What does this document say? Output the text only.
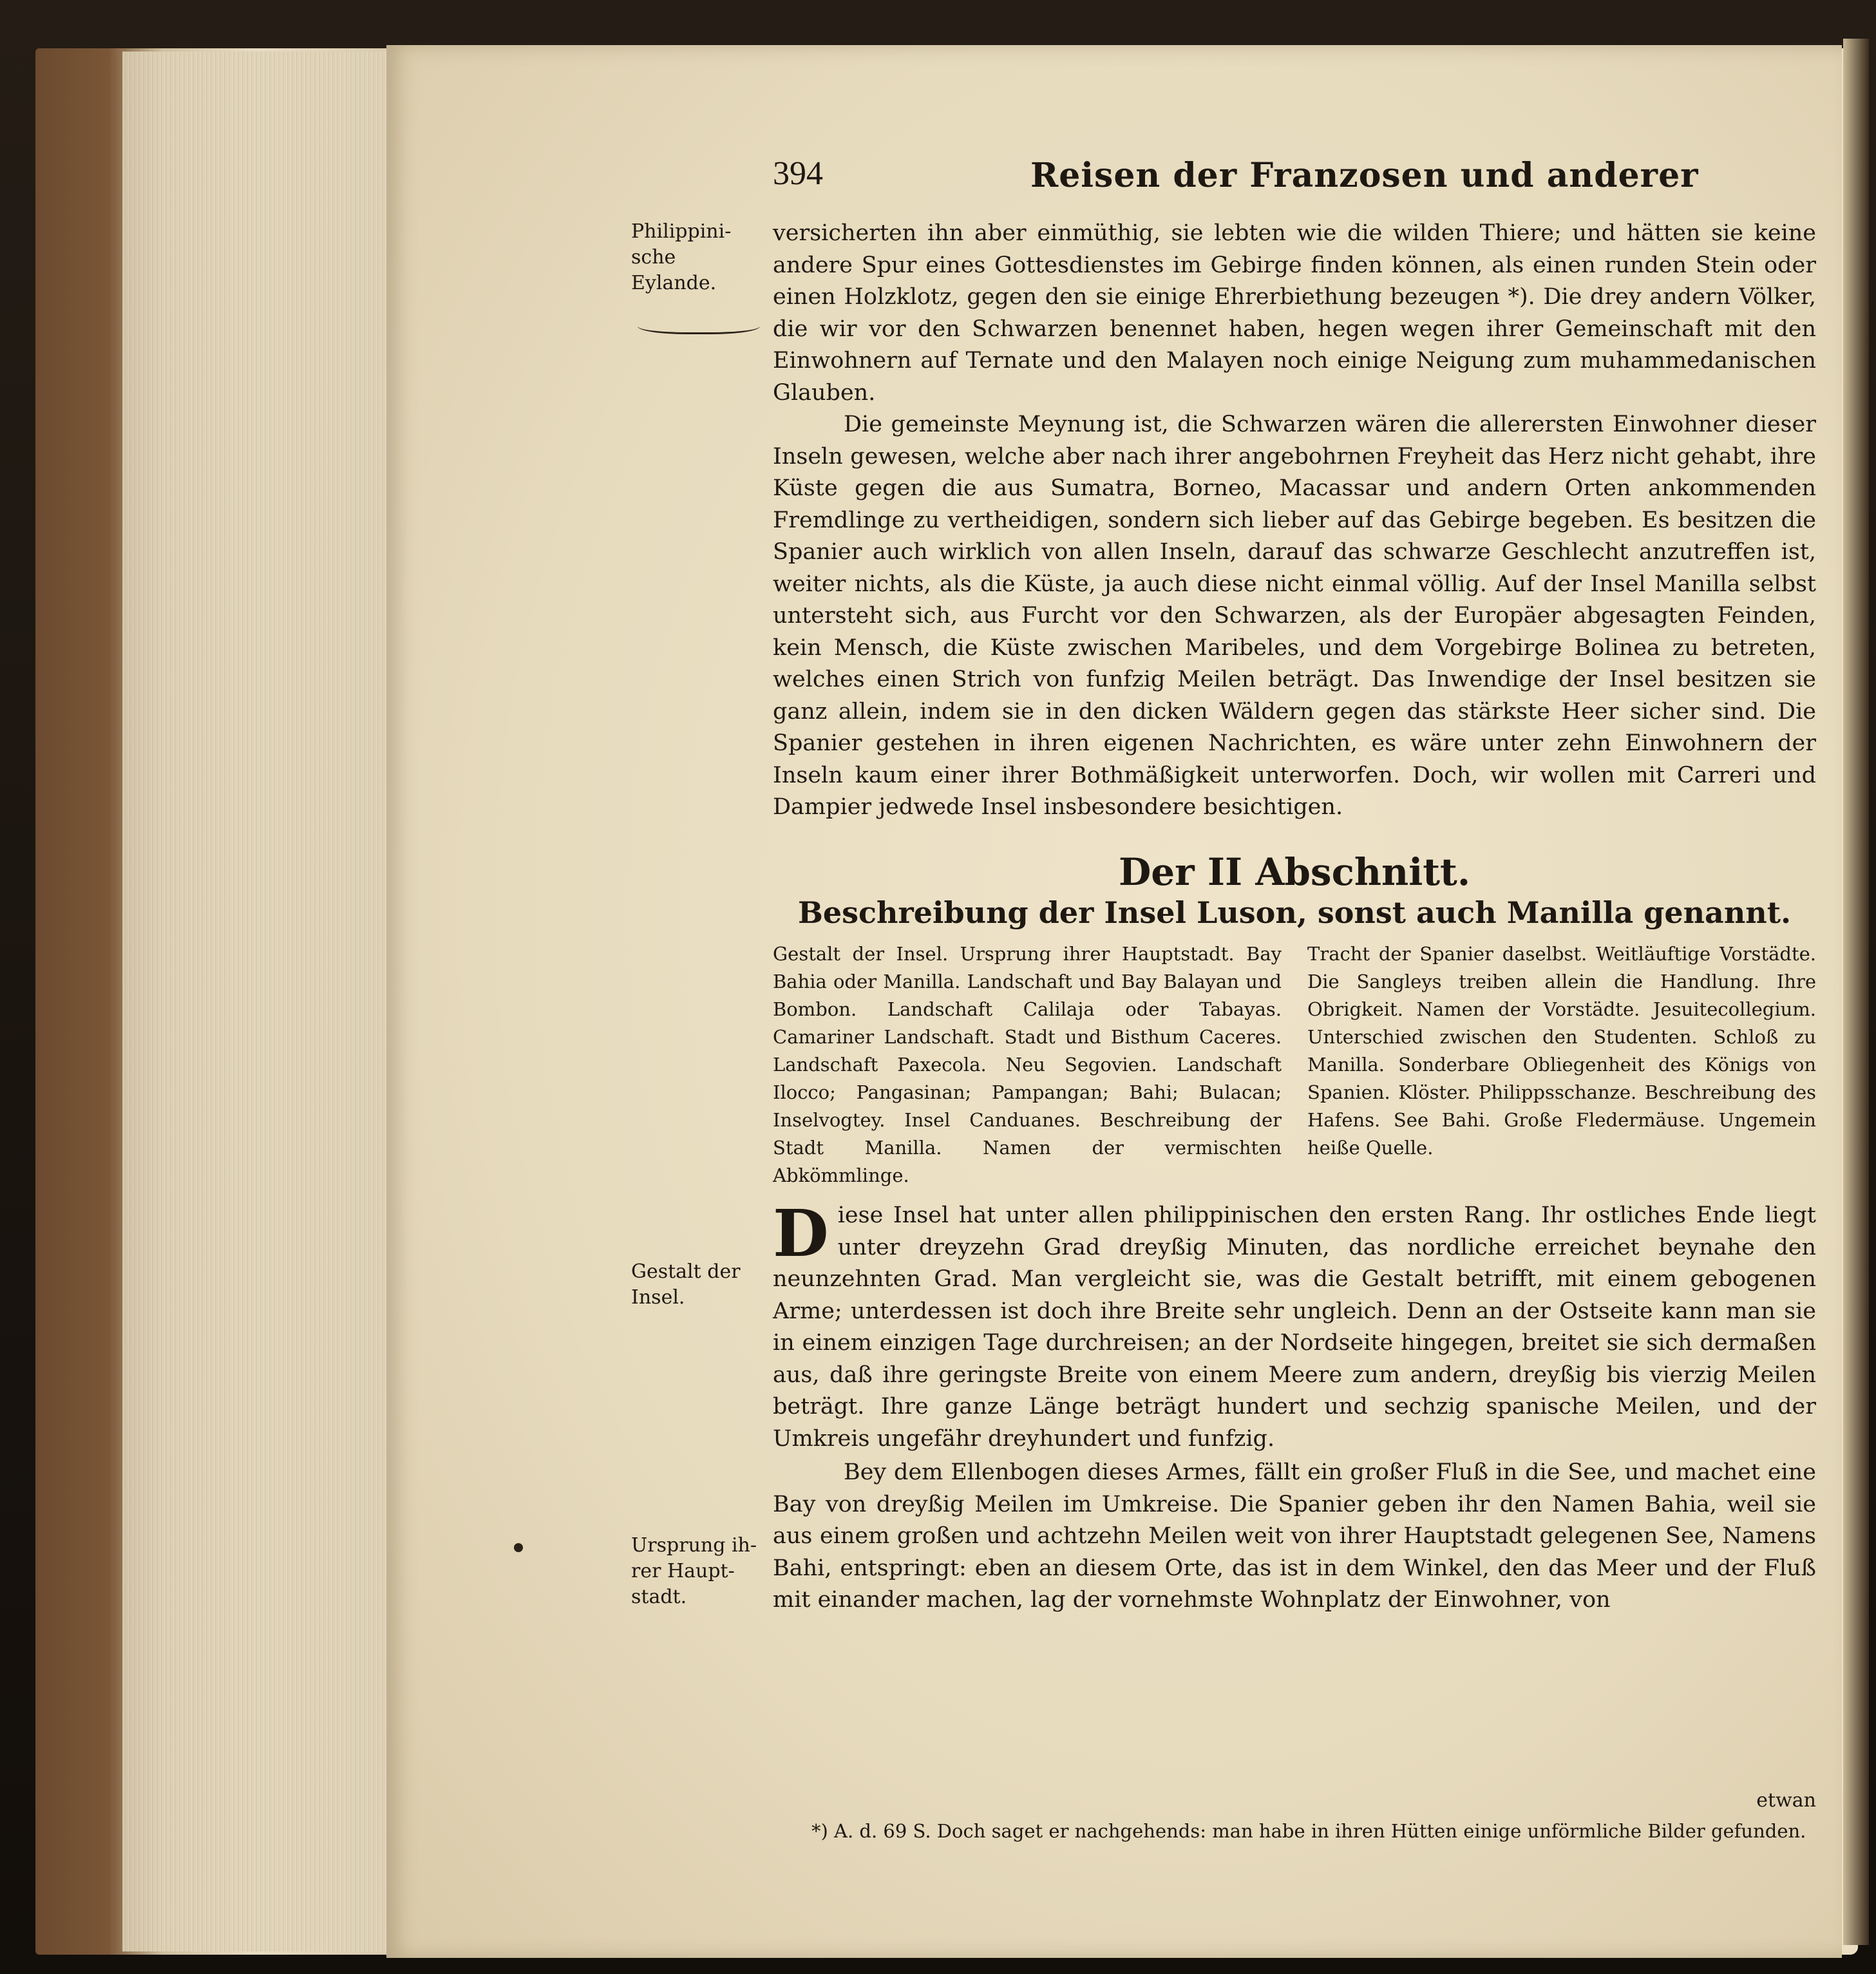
394	Reisen der Franzosen und anderer
Philippini-
sche Eylande.

versicherten ihn aber einmüthig, sie lebten wie die wilden Thiere; und hätten sie keine andere Spur eines Gottesdienstes im Gebirge finden können, als einen runden Stein oder einen Holzklotz, gegen den sie einige Ehrerbiethung bezeugen *). Die drey andern Völker, die wir vor den Schwarzen benennet haben, hegen wegen ihrer Gemeinschaft mit den Einwohnern auf Ternate und den Malayen noch einige Neigung zum muhammedanischen Glauben.

Die gemeinste Meynung ist, die Schwarzen wären die allerersten Einwohner dieser Inseln gewesen, welche aber nach ihrer angebohrnen Freyheit das Herz nicht gehabt, ihre Küste gegen die aus Sumatra, Borneo, Macassar und andern Orten ankommenden Fremdlinge zu vertheidigen, sondern sich lieber auf das Gebirge begeben. Es besitzen die Spanier auch wirklich von allen Inseln, darauf das schwarze Geschlecht anzutreffen ist, weiter nichts, als die Küste, ja auch diese nicht einmal völlig. Auf der Insel Manilla selbst untersteht sich, aus Furcht vor den Schwarzen, als der Europäer abgesagten Feinden, kein Mensch, die Küste zwischen Maribeles, und dem Vorgebirge Bolinea zu betreten, welches einen Strich von funfzig Meilen beträgt. Das Inwendige der Insel besitzen sie ganz allein, indem sie in den dicken Wäldern gegen das stärkste Heer sicher sind. Die Spanier gestehen in ihren eigenen Nachrichten, es wäre unter zehn Einwohnern der Inseln kaum einer ihrer Bothmäßigkeit unterworfen. Doch, wir wollen mit Carreri und Dampier jedwede Insel insbesondere besichtigen.

Der II Abschnitt.
Beschreibung der Insel Luson, sonst auch Manilla genannt.

Gestalt der Insel. Ursprung ihrer Hauptstadt. Bay Bahia oder Manilla. Landschaft und Bay Balayan und Bombon. Landschaft Calilaja oder Tabayas. Camariner Landschaft. Stadt und Bisthum Caceres. Landschaft Paxecola. Neu Segovien. Landschaft Ilocco; Pangasinan; Pampangan; Bahi; Bulacan; Inselvogtey. Insel Canduanes. Beschreibung der Stadt Manilla. Namen der vermischten Abkömmlinge.

Tracht der Spanier daselbst. Weitläuftige Vorstädte. Die Sangleys treiben allein die Handlung. Ihre Obrigkeit. Namen der Vorstädte. Jesuitecollegium. Unterschied zwischen den Studenten. Schloß zu Manilla. Sonderbare Obliegenheit des Königs von Spanien. Klöster. Philippsschanze. Beschreibung des Hafens. See Bahi. Große Fledermäuse. Ungemein heiße Quelle.

Gestalt der
Insel.

Diese Insel hat unter allen philippinischen den ersten Rang. Ihr ostliches Ende liegt unter dreyzehn Grad dreyßig Minuten, das nordliche erreichet beynahe den neunzehnten Grad. Man vergleicht sie, was die Gestalt betrifft, mit einem gebogenen Arme; unterdessen ist doch ihre Breite sehr ungleich. Denn an der Ostseite kann man sie in einem einzigen Tage durchreisen; an der Nordseite hingegen, breitet sie sich dermaßen aus, daß ihre geringste Breite von einem Meere zum andern, dreyßig bis vierzig Meilen beträgt. Ihre ganze Länge beträgt hundert und sechzig spanische Meilen, und der Umkreis ungefähr dreyhundert und funfzig.

Ursprung ih-
rer Haupt-
stadt.

Bey dem Ellenbogen dieses Armes, fällt ein großer Fluß in die See, und machet eine Bay von dreyßig Meilen im Umkreise. Die Spanier geben ihr den Namen Bahia, weil sie aus einem großen und achtzehn Meilen weit von ihrer Hauptstadt gelegenen See, Namens Bahi, entspringt: eben an diesem Orte, das ist in dem Winkel, den das Meer und der Fluß mit einander machen, lag der vornehmste Wohnplatz der Einwohner, von

etwan
*) A. d. 69 S. Doch saget er nachgehends: man habe in ihren Hütten einige unförmliche Bilder gefunden.
